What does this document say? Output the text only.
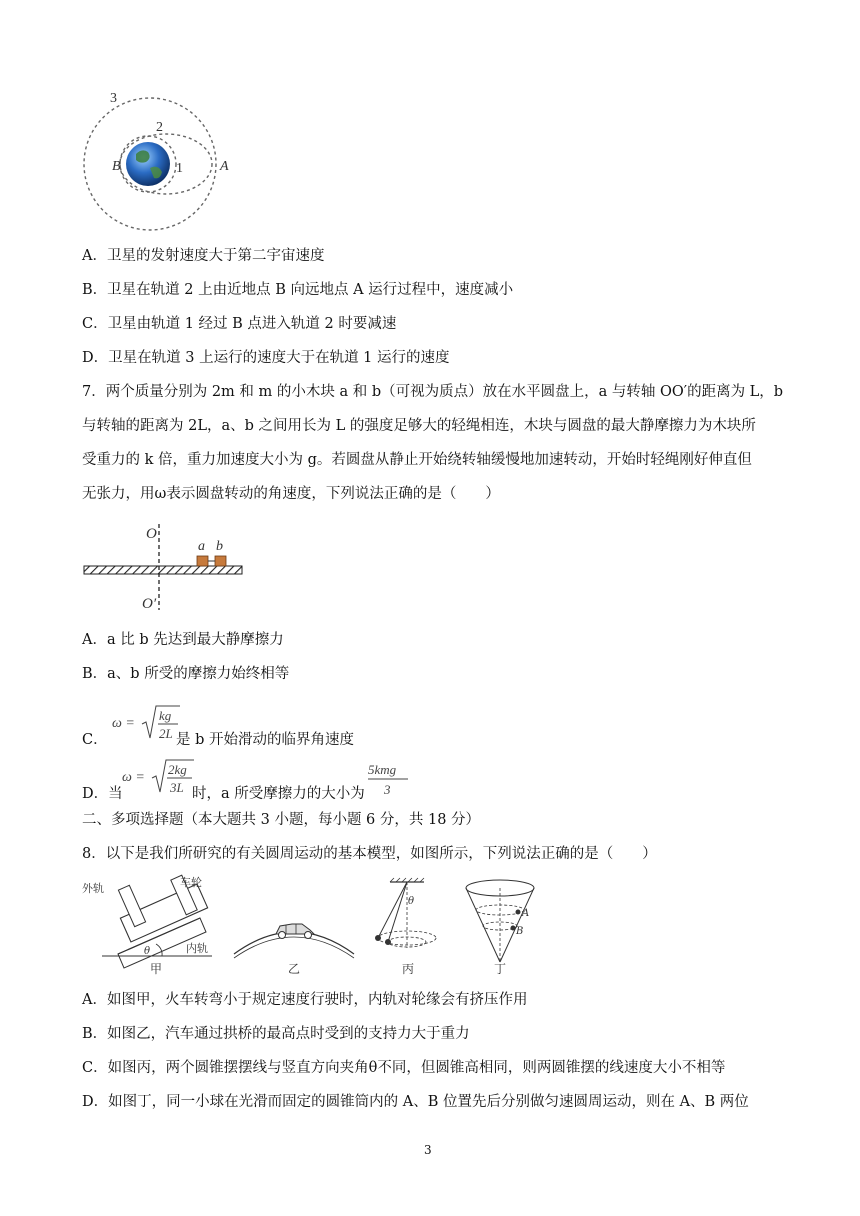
3
2
1
B	A
A．卫星的发射速度大于第二宇宙速度
B．卫星在轨道 2 上由近地点 B 向远地点 A 运行过程中，速度减小
C．卫星由轨道 1 经过 B 点进入轨道 2 时要减速
D．卫星在轨道 3 上运行的速度大于在轨道 1 运行的速度
7．两个质量分别为 2m 和 m 的小木块 a 和 b（可视为质点）放在水平圆盘上，a 与转轴 OO′的距离为 L，b
与转轴的距离为 2L，a、b 之间用长为 L 的强度足够大的轻绳相连，木块与圆盘的最大静摩擦力为木块所
受重力的 k 倍，重力加速度大小为 g。若圆盘从静止开始绕转轴缓慢地加速转动，开始时轻绳刚好伸直但
无张力，用ω表示圆盘转动的角速度，下列说法正确的是（　　）
O
O′
a b
A．a 比 b 先达到最大静摩擦力
B．a、b 所受的摩擦力始终相等
C．
ω =
kg
2L 是 b 开始滑动的临界角速度
D．当
ω =
2kg
3L 时，a 所受摩擦力的大小为
5kmg
3
二、多项选择题（本大题共 3 小题，每小题 6 分，共 18 分）
8．以下是我们所研究的有关圆周运动的基本模型，如图所示，下列说法正确的是（　　）
外轨	车轮
内轨
θ
甲	乙
θ
丙
A
B
丁
A．如图甲，火车转弯小于规定速度行驶时，内轨对轮缘会有挤压作用
B．如图乙，汽车通过拱桥的最高点时受到的支持力大于重力
C．如图丙，两个圆锥摆摆线与竖直方向夹角θ不同，但圆锥高相同，则两圆锥摆的线速度大小不相等
D．如图丁，同一小球在光滑而固定的圆锥筒内的 A、B 位置先后分别做匀速圆周运动，则在 A、B 两位
3
